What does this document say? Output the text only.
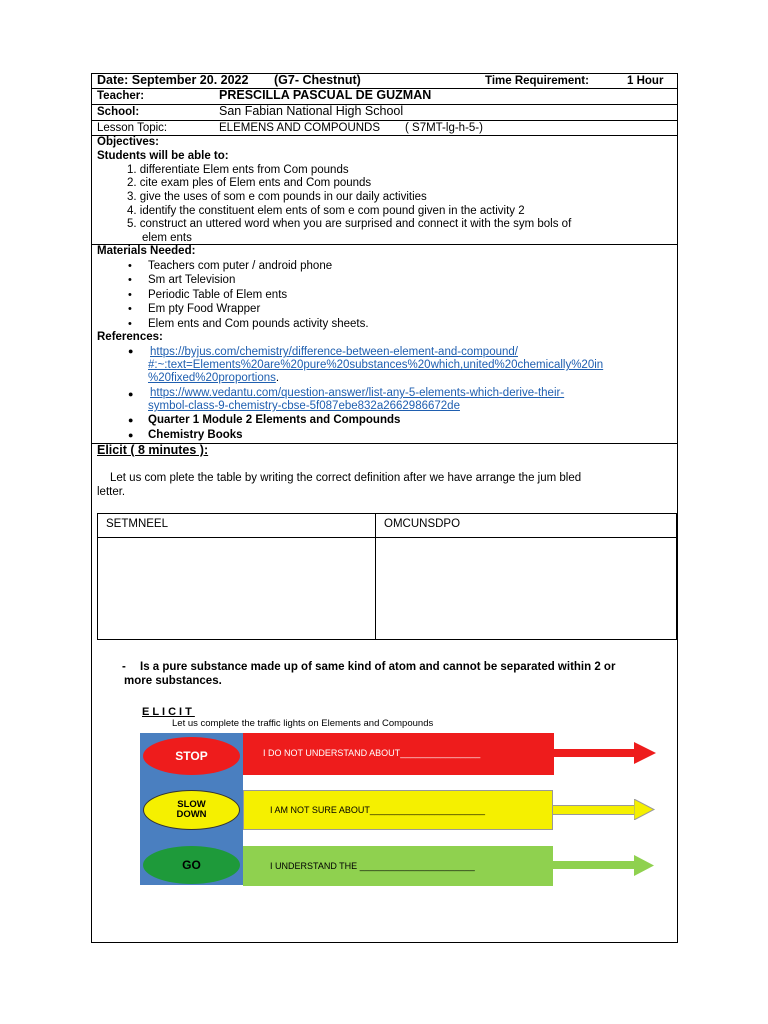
Date: September 20. 2022 (G7- Chestnut)	Time Requirement:	1 Hour
Teacher:	PRESCILLA PASCUAL DE GUZMAN
School:	San Fabian National High School
Lesson Topic:	ELEMENS AND COMPOUNDS ( S7MT-lg-h-5-)
Objectives:
Students will be able to:
1. differentiate Elem ents from Com pounds
2. cite exam ples of Elem ents and Com pounds
3. give the uses of som e com pounds in our daily activities
4. identify the constituent elem ents of som e com pound given in the activity 2
5. construct an uttered word when you are surprised and connect it with the sym bols of
elem ents
Materials Needed:
• Teachers com puter / android phone
• Sm art Television
• Periodic Table of Elem ents
• Em pty Food Wrapper
• Elem ents and Com pounds activity sheets.
References:
● https://byjus.com/chemistry/difference-between-element-and-compound/
#:~:text=Elements%20are%20pure%20substances%20which,united%20chemically%20in
%20fixed%20proportions.
● https://www.vedantu.com/question-answer/list-any-5-elements-which-derive-their-
symbol-class-9-chemistry-cbse-5f087ebe832a2662986672de
● Quarter 1 Module 2 Elements and Compounds
● Chemistry Books
Elicit ( 8 minutes ):
Let us com plete the table by writing the correct definition after we have arrange the jum bled
letter.
SETMNEEL	OMCUNSDPO
- Is a pure substance made up of same kind of atom and cannot be separated within 2 or
more substances.
ELICIT
Let us complete the traffic lights on Elements and Compounds
STOP
SLOW
DOWN
GO
I DO NOT UNDERSTAND ABOUT________________
I AM NOT SURE ABOUT_______________________
I UNDERSTAND THE _______________________
